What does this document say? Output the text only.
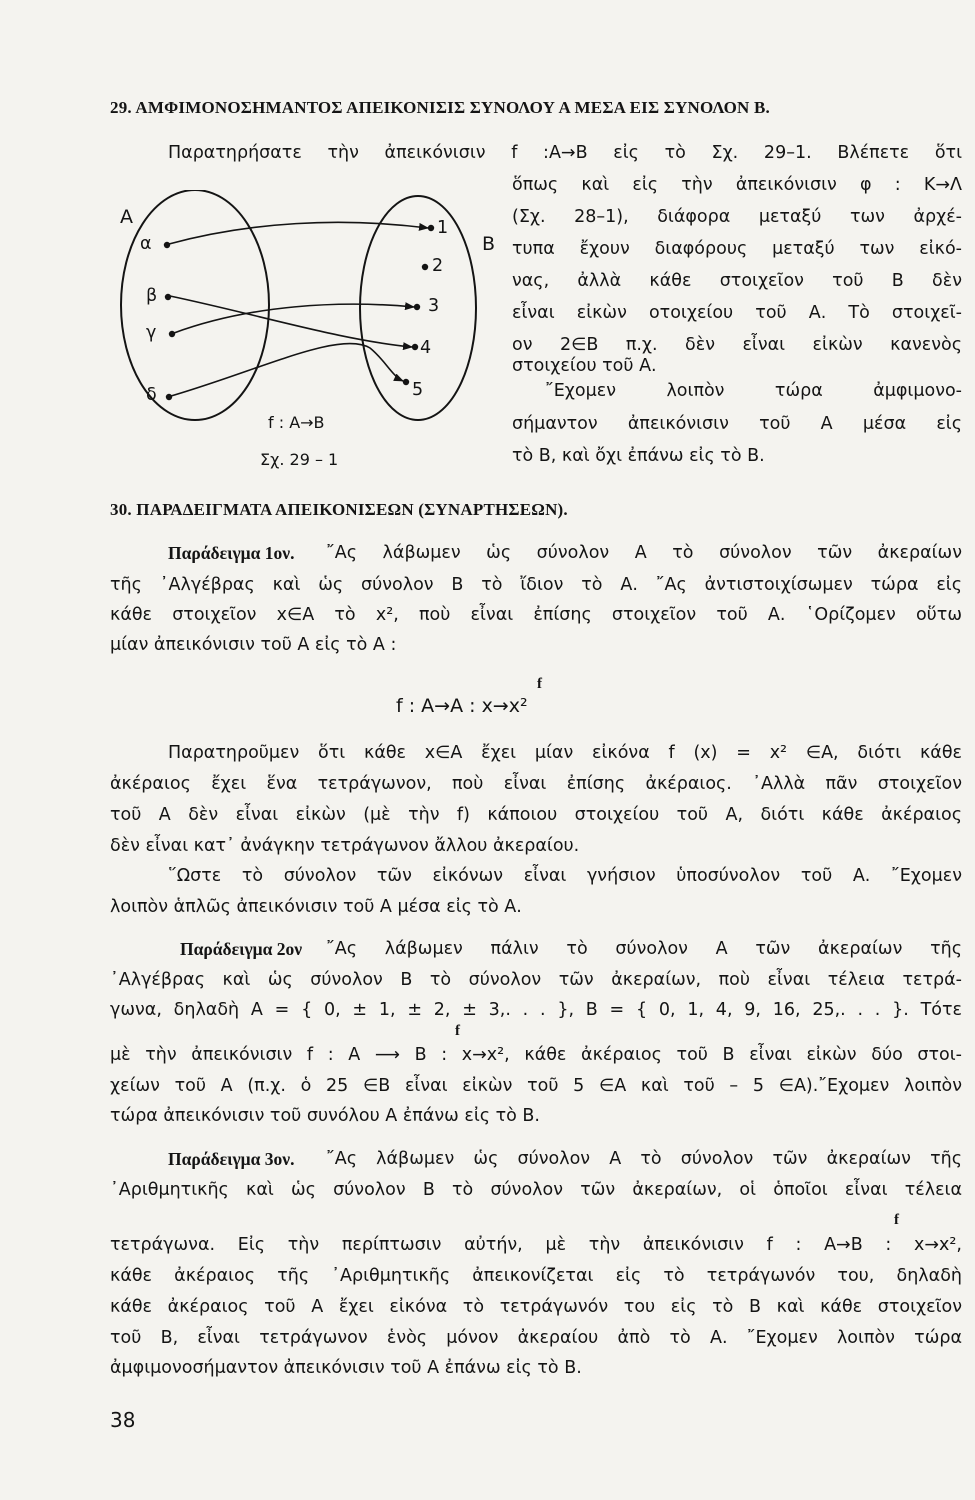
29. ΑΜΦΙΜΟΝΟΣΗΜΑΝΤΟΣ ΑΠΕΙΚΟΝΙΣΙΣ ΣΥΝΟΛΟΥ Α ΜΕΣΑ ΕΙΣ ΣΥΝΟΛΟΝ Β.
Παρατηρήσατε τὴν ἀπεικόνισιν f :A→B εἰς τὸ Σχ. 29–1. Βλέπετε ὅτι
ὅπως καὶ εἰς τὴν ἀπεικόνισιν φ : K→Λ
(Σχ. 28–1), διάφορα μεταξύ των ἀρχέ-
τυπα ἔχουν διαφόρους μεταξύ των εἰκό-
νας, ἀλλὰ κάθε στοιχεῖον τοῦ Β δὲν
εἶναι εἰκὼν οτοιχείου τοῦ Α. Τὸ στοιχεῖ-
ον 2∈B π.χ. δὲν εἶναι εἰκὼν κανενὸς
στοιχείου τοῦ Α.
῎Εχομεν λοιπὸν τώρα ἀμφιμονο-
σήμαντον ἀπεικόνισιν τοῦ Α μέσα εἰς
τὸ Β, καὶ ὄχι ἐπάνω εἰς τὸ Β.
A
B
α
β
γ
δ
1
2
3
4
5
f : A→B
Σχ. 29 – 1
30. ΠΑΡΑΔΕΙΓΜΑΤΑ ΑΠΕΙΚΟΝΙΣΕΩΝ (ΣΥΝΑΡΤΗΣΕΩΝ).
Παράδειγμα 1ον. ῎Ας λάβωμεν ὡς σύνολον Α τὸ σύνολον τῶν ἀκεραίων
τῆς ᾿Αλγέβρας καὶ ὡς σύνολον Β τὸ ἴδιον τὸ Α. ῎Ας ἀντιστοιχίσωμεν τώρα εἰς
κάθε στοιχεῖον x∈A τὸ x², ποὺ εἶναι ἐπίσης στοιχεῖον τοῦ Α. ῾Ορίζομεν οὕτω
μίαν ἀπεικόνισιν τοῦ Α εἰς τὸ Α :
f
f : A→A : x→x²
Παρατηροῦμεν ὅτι κάθε x∈A ἔχει μίαν εἰκόνα f (x) = x² ∈A, διότι κάθε
ἀκέραιος ἔχει ἕνα τετράγωνον, ποὺ εἶναι ἐπίσης ἀκέραιος. ᾿Αλλὰ πᾶν στοιχεῖον
τοῦ Α δὲν εἶναι εἰκὼν (μὲ τὴν f) κάποιου στοιχείου τοῦ Α, διότι κάθε ἀκέραιος
δὲν εἶναι κατ᾿ ἀνάγκην τετράγωνον ἄλλου ἀκεραίου.
῞Ωστε τὸ σύνολον τῶν εἰκόνων εἶναι γνήσιον ὑποσύνολον τοῦ Α. ῎Εχομεν
λοιπὸν ἁπλῶς ἀπεικόνισιν τοῦ Α μέσα εἰς τὸ Α.
Παράδειγμα 2ον ῎Ας λάβωμεν πάλιν τὸ σύνολον Α τῶν ἀκεραίων τῆς
᾿Αλγέβρας καὶ ὡς σύνολον Β τὸ σύνολον τῶν ἀκεραίων, ποὺ εἶναι τέλεια τετρά-
γωνα, δηλαδὴ A = { 0, ± 1, ± 2, ± 3,. . . }, B = { 0, 1, 4, 9, 16, 25,. . . }. Τότε
f
μὲ τὴν ἀπεικόνισιν f : A ⟶ B : x→x², κάθε ἀκέραιος τοῦ B εἶναι εἰκὼν δύο στοι-
χείων τοῦ Α (π.χ. ὁ 25 ∈B εἶναι εἰκὼν τοῦ 5 ∈A καὶ τοῦ – 5 ∈A).῎Εχομεν λοιπὸν
τώρα ἀπεικόνισιν τοῦ συνόλου Α ἐπάνω εἰς τὸ Β.
Παράδειγμα 3ον. ῎Ας λάβωμεν ὡς σύνολον Α τὸ σύνολον τῶν ἀκεραίων τῆς
᾿Αριθμητικῆς καὶ ὡς σύνολον Β τὸ σύνολον τῶν ἀκεραίων, οἱ ὁποῖοι εἶναι τέλεια
f
τετράγωνα. Εἰς τὴν περίπτωσιν αὐτήν, μὲ τὴν ἀπεικόνισιν f : A→B : x→x²,
κάθε ἀκέραιος τῆς ᾿Αριθμητικῆς ἀπεικονίζεται εἰς τὸ τετράγωνόν του, δηλαδὴ
κάθε ἀκέραιος τοῦ Α ἔχει εἰκόνα τὸ τετράγωνόν του εἰς τὸ Β καὶ κάθε στοιχεῖον
τοῦ Β, εἶναι τετράγωνον ἑνὸς μόνον ἀκεραίου ἀπὸ τὸ Α. ῎Εχομεν λοιπὸν τώρα
ἀμφιμονοσήμαντον ἀπεικόνισιν τοῦ Α ἐπάνω εἰς τὸ Β.
38
